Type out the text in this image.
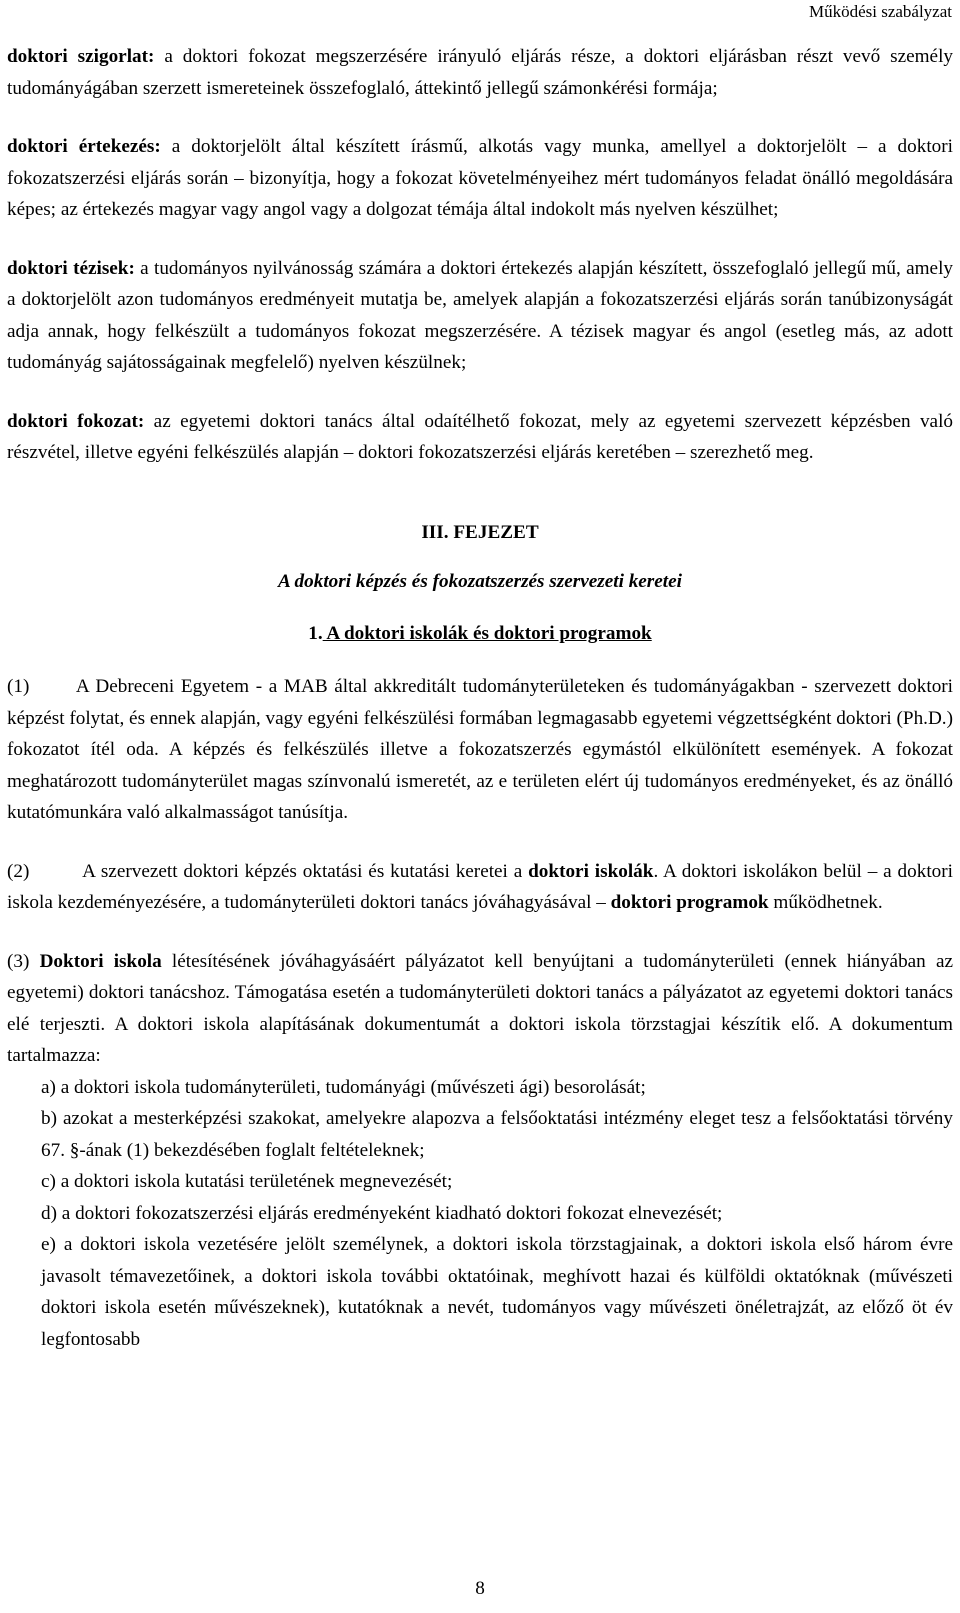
Működési szabályzat

doktori szigorlat: a doktori fokozat megszerzésére irányuló eljárás része, a doktori eljárásban részt vevő személy tudományágában szerzett ismereteinek összefoglaló, áttekintő jellegű számonkérési formája;

doktori értekezés: a doktorjelölt által készített írásmű, alkotás vagy munka, amellyel a doktorjelölt – a doktori fokozatszerzési eljárás során – bizonyítja, hogy a fokozat követelményeihez mért tudományos feladat önálló megoldására képes; az értekezés magyar vagy angol vagy a dolgozat témája által indokolt más nyelven készülhet;

doktori tézisek: a tudományos nyilvánosság számára a doktori értekezés alapján készített, összefoglaló jellegű mű, amely a doktorjelölt azon tudományos eredményeit mutatja be, amelyek alapján a fokozatszerzési eljárás során tanúbizonyságát adja annak, hogy felkészült a tudományos fokozat megszerzésére. A tézisek magyar és angol (esetleg más, az adott tudományág sajátosságainak megfelelő) nyelven készülnek;

doktori fokozat: az egyetemi doktori tanács által odaítélhető fokozat, mely az egyetemi szervezett képzésben való részvétel, illetve egyéni felkészülés alapján – doktori fokozatszerzési eljárás keretében – szerezhető meg.

III. FEJEZET

A doktori képzés és fokozatszerzés szervezeti keretei

1. A doktori iskolák és doktori programok

(1) A Debreceni Egyetem - a MAB által akkreditált tudományterületeken és tudományágakban - szervezett doktori képzést folytat, és ennek alapján, vagy egyéni felkészülési formában legmagasabb egyetemi végzettségként doktori (Ph.D.) fokozatot ítél oda. A képzés és felkészülés illetve a fokozatszerzés egymástól elkülönített események. A fokozat meghatározott tudományterület magas színvonalú ismeretét, az e területen elért új tudományos eredményeket, és az önálló kutatómunkára való alkalmasságot tanúsítja.

(2)	A szervezett doktori képzés oktatási és kutatási keretei a doktori iskolák. A doktori iskolákon belül – a doktori iskola kezdeményezésére, a tudományterületi doktori tanács jóváhagyásával – doktori programok működhetnek.

(3) Doktori iskola létesítésének jóváhagyásáért pályázatot kell benyújtani a tudományterületi (ennek hiányában az egyetemi) doktori tanácshoz. Támogatása esetén a tudományterületi doktori tanács a pályázatot az egyetemi doktori tanács elé terjeszti. A doktori iskola alapításának dokumentumát a doktori iskola törzstagjai készítik elő. A dokumentum tartalmazza:

a) a doktori iskola tudományterületi, tudományági (művészeti ági) besorolását;
b) azokat a mesterképzési szakokat, amelyekre alapozva a felsőoktatási intézmény eleget tesz a felsőoktatási törvény 67. §-ának (1) bekezdésében foglalt feltételeknek;
c) a doktori iskola kutatási területének megnevezését;
d) a doktori fokozatszerzési eljárás eredményeként kiadható doktori fokozat elnevezését;
e) a doktori iskola vezetésére jelölt személynek, a doktori iskola törzstagjainak, a doktori iskola első három évre javasolt témavezetőinek, a doktori iskola további oktatóinak, meghívott hazai és külföldi oktatóknak (művészeti doktori iskola esetén művészeknek), kutatóknak a nevét, tudományos vagy művészeti önéletrajzát, az előző öt év legfontosabb
8
